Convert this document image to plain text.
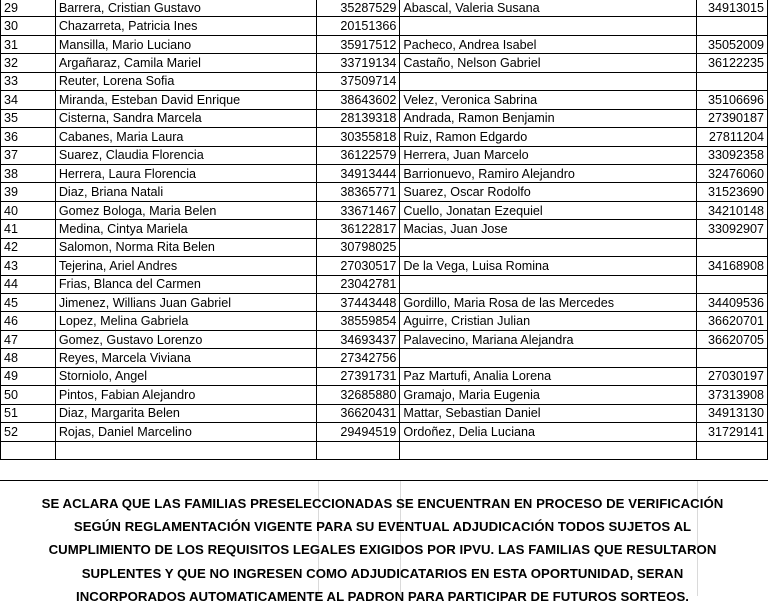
29	Barrera, Cristian Gustavo	35287529	Abascal, Valeria Susana	34913015
30	Chazarreta, Patricia Ines	20151366		
31	Mansilla, Mario Luciano	35917512	Pacheco, Andrea Isabel	35052009
32	Argañaraz, Camila Mariel	33719134	Castaño, Nelson Gabriel	36122235
33	Reuter, Lorena Sofia	37509714		
34	Miranda, Esteban David Enrique	38643602	Velez, Veronica Sabrina	35106696
35	Cisterna, Sandra Marcela	28139318	Andrada, Ramon Benjamin	27390187
36	Cabanes, Maria Laura	30355818	Ruiz, Ramon Edgardo	27811204
37	Suarez, Claudia Florencia	36122579	Herrera, Juan Marcelo	33092358
38	Herrera, Laura Florencia	34913444	Barrionuevo, Ramiro Alejandro	32476060
39	Diaz, Briana Natali	38365771	Suarez, Oscar Rodolfo	31523690
40	Gomez Bologa, Maria Belen	33671467	Cuello, Jonatan Ezequiel	34210148
41	Medina, Cintya Mariela	36122817	Macias, Juan Jose	33092907
42	Salomon, Norma Rita Belen	30798025		
43	Tejerina, Ariel Andres	27030517	De la Vega, Luisa Romina	34168908
44	Frias, Blanca del Carmen	23042781		
45	Jimenez, Willians Juan Gabriel	37443448	Gordillo, Maria Rosa de las Mercedes	34409536
46	Lopez, Melina Gabriela	38559854	Aguirre, Cristian Julian	36620701
47	Gomez, Gustavo Lorenzo	34693437	Palavecino, Mariana Alejandra	36620705
48	Reyes, Marcela Viviana	27342756		
49	Storniolo, Angel	27391731	Paz Martufi, Analia Lorena	27030197
50	Pintos, Fabian Alejandro	32685880	Gramajo, Maria Eugenia	37313908
51	Diaz, Margarita Belen	36620431	Mattar, Sebastian Daniel	34913130
52	Rojas, Daniel Marcelino	29494519	Ordoñez, Delia Luciana	31729141

SE ACLARA QUE LAS FAMILIAS PRESELECCIONADAS SE ENCUENTRAN EN PROCESO DE VERIFICACIÓN
SEGÚN REGLAMENTACIÓN VIGENTE PARA SU EVENTUAL ADJUDICACIÓN TODOS SUJETOS AL
CUMPLIMIENTO DE LOS REQUISITOS LEGALES EXIGIDOS POR IPVU. LAS FAMILIAS QUE RESULTARON
SUPLENTES Y QUE NO INGRESEN COMO ADJUDICATARIOS EN ESTA OPORTUNIDAD, SERAN
INCORPORADOS AUTOMATICAMENTE AL PADRON PARA PARTICIPAR DE FUTUROS SORTEOS.
